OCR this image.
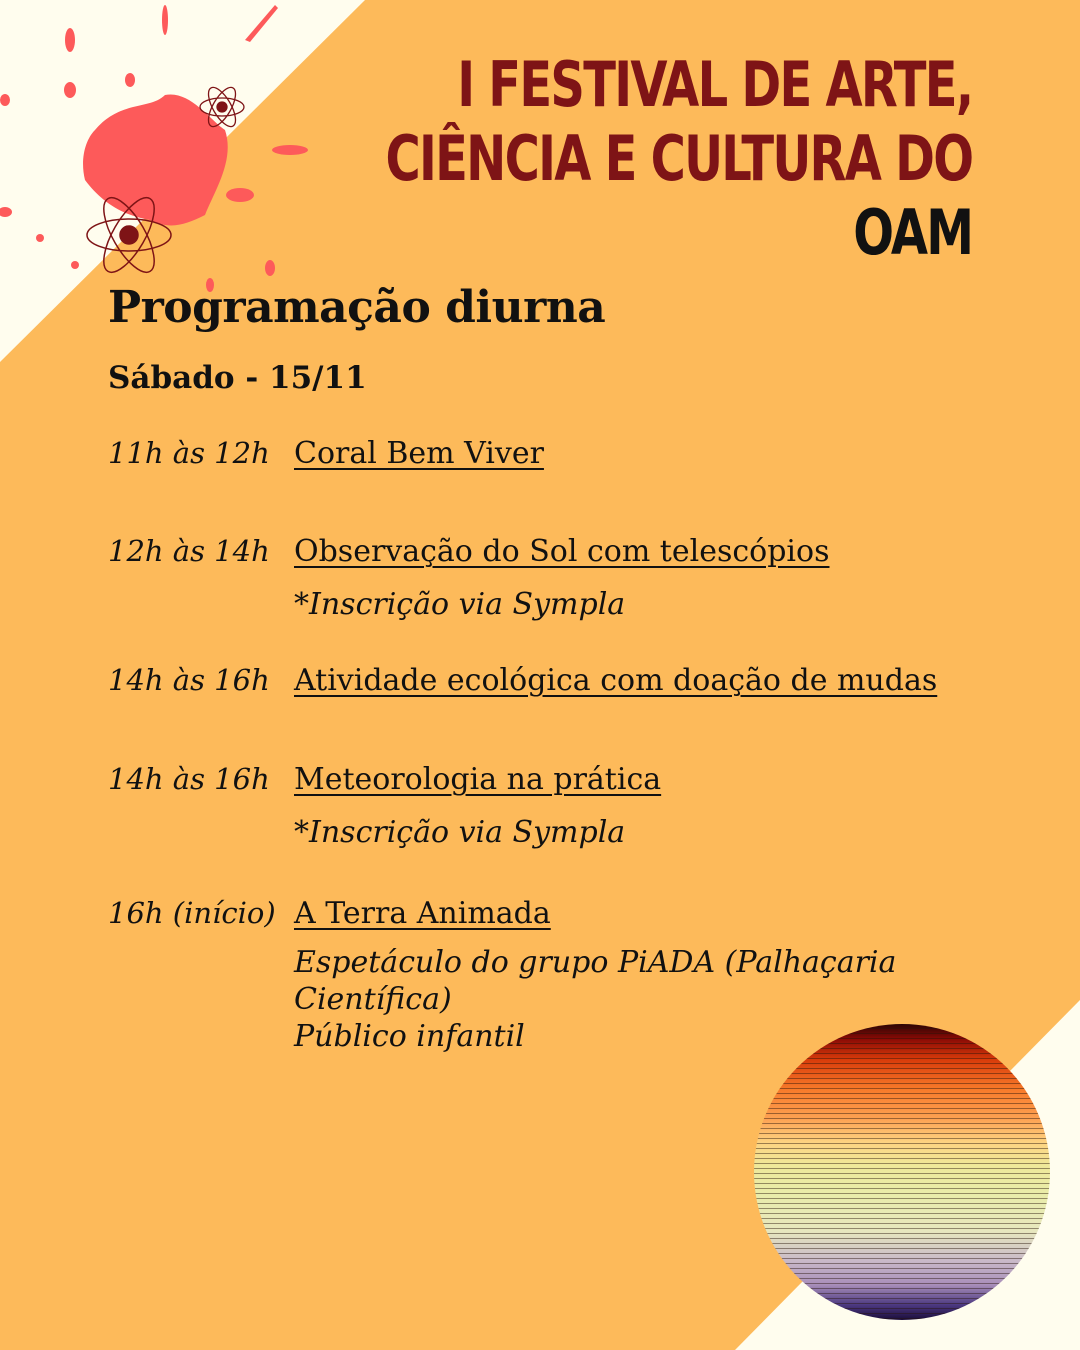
I FESTIVAL DE ARTE,
CIÊNCIA E CULTURA DO
OAM
Programação diurna
Sábado - 15/11
11h às 12h Coral Bem Viver
12h às 14h Observação do Sol com telescópios
*Inscrição via Sympla
14h às 16h Atividade ecológica com doação de mudas
14h às 16h Meteorologia na prática
*Inscrição via Sympla
16h (início) A Terra Animada
Espetáculo do grupo PiADA (Palhaçaria
Científica)
Público infantil
